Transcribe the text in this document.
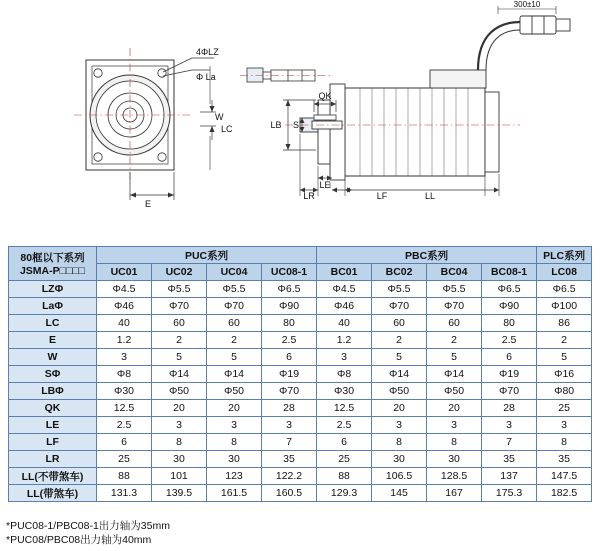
4ΦLZ
Φ La
E
W
LC
300±10
LB S
QK
LR
LE
LF	LL
80框以下系列
JSMA-P□□□□	PUC系列				PBC系列				PLC系列
	UC01	UC02	UC04	UC08-1	BC01	BC02	BC04	BC08-1	LC08
LZΦ	Φ4.5	Φ5.5	Φ5.5	Φ6.5	Φ4.5	Φ5.5	Φ5.5	Φ6.5	Φ6.5
LaΦ	Φ46	Φ70	Φ70	Φ90	Φ46	Φ70	Φ70	Φ90	Φ100
LC	40	60	60	80	40	60	60	80	86
E	1.2	2	2	2.5	1.2	2	2	2.5	2
W	3	5	5	6	3	5	5	6	5
SΦ	Φ8	Φ14	Φ14	Φ19	Φ8	Φ14	Φ14	Φ19	Φ16
LBΦ	Φ30	Φ50	Φ50	Φ70	Φ30	Φ50	Φ50	Φ70	Φ80
QK	12.5	20	20	28	12.5	20	20	28	25
LE	2.5	3	3	3	2.5	3	3	3	3
LF	6	8	8	7	6	8	8	7	8
LR	25	30	30	35	25	30	30	35	35
LL(不带煞车)	88	101	123	122.2	88	106.5	128.5	137	147.5
LL(带煞车)	131.3	139.5	161.5	160.5	129.3	145	167	175.3	182.5
*PUC08-1/PBC08-1出力轴为35mm
*PUC08/PBC08出力轴为40mm
